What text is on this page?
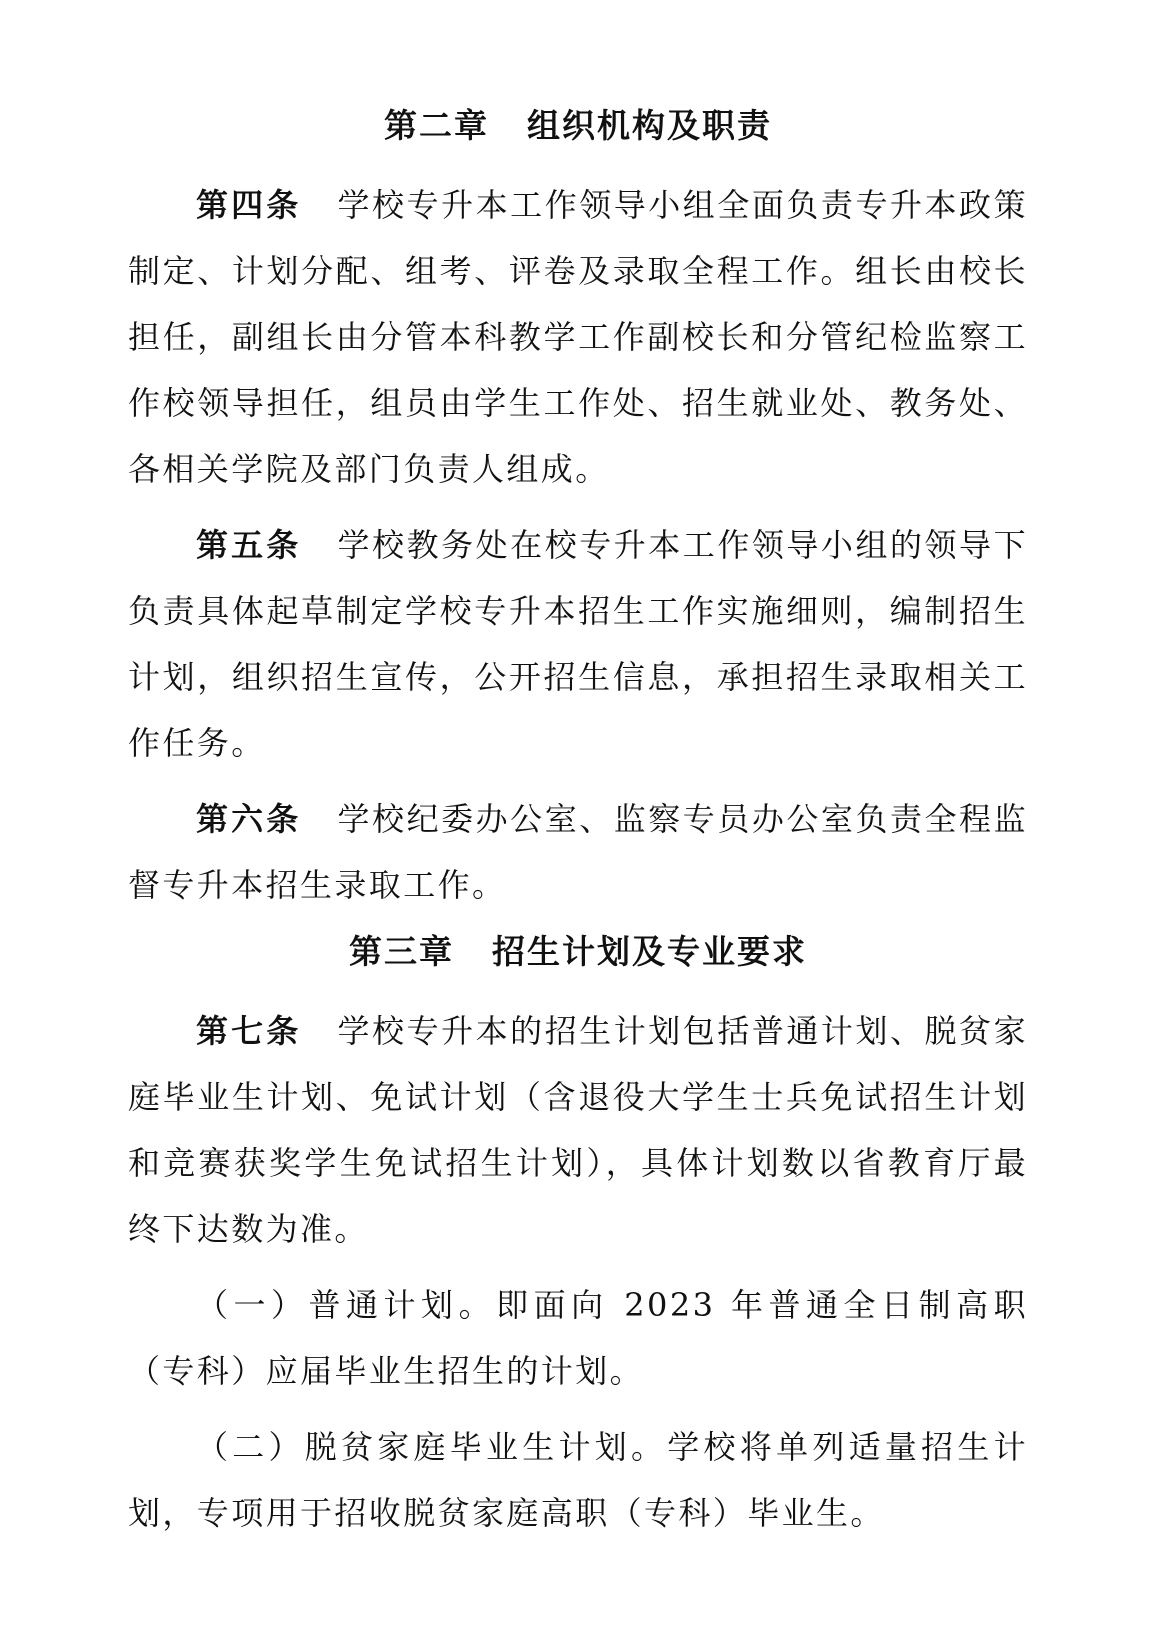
第二章 组织机构及职责

第四条 学校专升本工作领导小组全面负责专升本政策制定、计划分配、组考、评卷及录取全程工作。组长由校长担任，副组长由分管本科教学工作副校长和分管纪检监察工作校领导担任，组员由学生工作处、招生就业处、教务处、各相关学院及部门负责人组成。

第五条 学校教务处在校专升本工作领导小组的领导下负责具体起草制定学校专升本招生工作实施细则，编制招生计划，组织招生宣传，公开招生信息，承担招生录取相关工作任务。

第六条 学校纪委办公室、监察专员办公室负责全程监督专升本招生录取工作。

第三章 招生计划及专业要求

第七条 学校专升本的招生计划包括普通计划、脱贫家庭毕业生计划、免试计划（含退役大学生士兵免试招生计划和竞赛获奖学生免试招生计划），具体计划数以省教育厅最终下达数为准。

（一）普通计划。即面向 2023 年普通全日制高职（专科）应届毕业生招生的计划。

（二）脱贫家庭毕业生计划。学校将单列适量招生计划，专项用于招收脱贫家庭高职（专科）毕业生。
